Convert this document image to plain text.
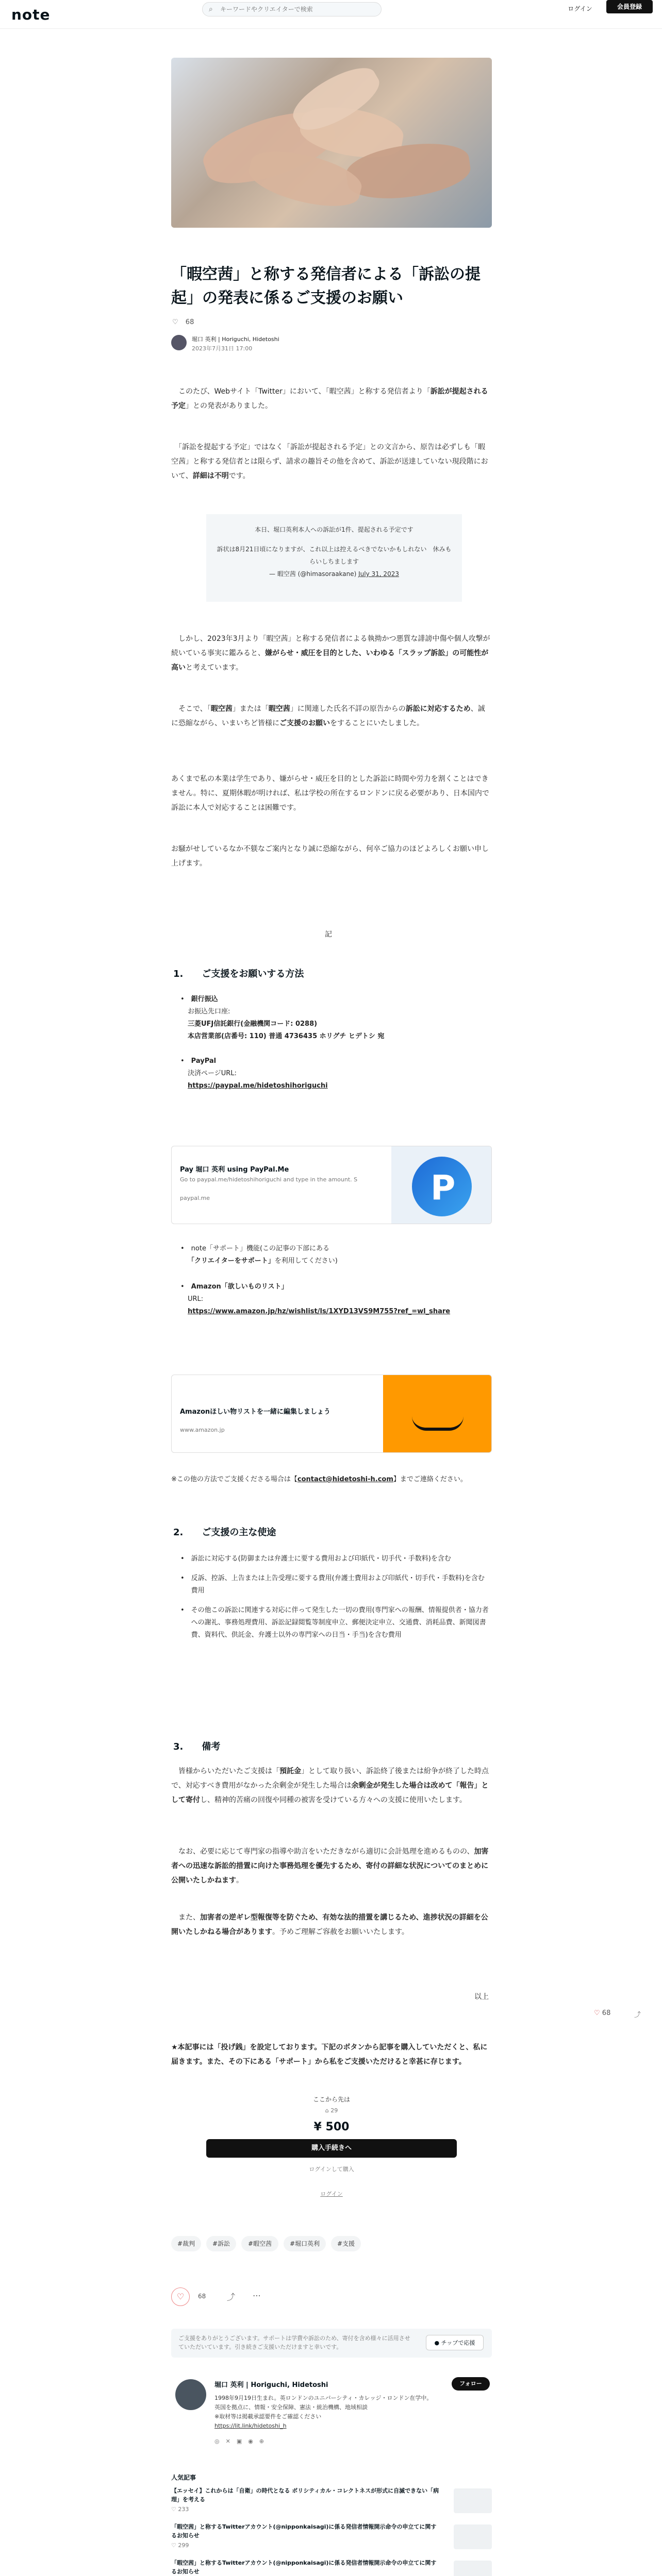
note	⌕
キーワードやクリエイターで検索	ログイン	会員登録
「暇空茜」と称する発信者による「訴訟の提起」の発表に係るご支援のお願い
♡ 68
堀口 英利 | Horiguchi, Hidetoshi
2023年7月31日 17:00
　このたび、Webサイト「Twitter」において、「暇空茜」と称する発信者より「訴訟が提起される予定」との発表がありました。
　「訴訟を提起する予定」ではなく「訴訟が提起される予定」との文言から、原告は必ずしも「暇空茜」と称する発信者とは限らず、請求の趣旨その他を含めて、訴訟が送達していない現段階において、詳細は不明です。
本日、堀口英利本人への訴訟が1件、提起される予定です
訴状は8月21日頃になりますが、これ以上は控えるべきでないかもしれない　休みもらいしちまします
— 暇空茜 (@himasoraakane) July 31, 2023
　しかし、2023年3月より「暇空茜」と称する発信者による執拗かつ悪質な誹謗中傷や個人攻撃が続いている事実に鑑みると、嫌がらせ・威圧を目的とした、いわゆる「スラップ訴訟」の可能性が高いと考えています。
　そこで、「暇空茜」または「暇空茜」に関連した氏名不詳の原告からの訴訟に対応するため、誠に恐縮ながら、いまいちど皆様にご支援のお願いをすることにいたしました。
あくまで私の本業は学生であり、嫌がらせ・威圧を目的とした訴訟に時間や労力を割くことはできません。特に、夏期休暇が明ければ、私は学校の所在するロンドンに戻る必要があり、日本国内で訴訟に本人で対応することは困難です。
お騒がせしているなか不躾なご案内となり誠に恐縮ながら、何卒ご協力のほどよろしくお願い申し上げます。
記
1.　　ご支援をお願いする方法
•　銀行振込
お振込先口座:
三菱UFJ信託銀行(金融機関コード: 0288)
本店営業部(店番号: 110) 普通 4736435 ホリグチ ヒデトシ 宛
•　PayPal
決済ページURL:
https://paypal.me/hidetoshihoriguchi
Pay 堀口 英利 using PayPal.Me
Go to paypal.me/hidetoshihoriguchi and type in the amount. S
paypal.me	P
•　note「サポート」機能(この記事の下部にある
「クリエイターをサポート」を利用してください)
•　Amazon「欲しいものリスト」
URL:
https://www.amazon.jp/hz/wishlist/ls/1XYD13VS9M755?ref_=wl_share
Amazonほしい物リストを一緒に編集しましょう
www.amazon.jp
※この他の方法でご支援くださる場合は【contact@hidetoshi-h.com】までご連絡ください。
2.　　ご支援の主な使途
•　 訴訟に対応する(防御または弁護士に要する費用および印紙代・切手代・手数料)を含む
•　 反訴、控訴、上告または上告受理に要する費用(弁護士費用および印紙代・切手代・手数料)を含む費用
•　 その他この訴訟に関連する対応に伴って発生した一切の費用(専門家への報酬、情報提供者・協力者への謝礼、事務処理費用、訴訟記録閲覧等制度申立、郵便決定申立、交通費、消耗品費、新聞図書費、資料代、供託金、弁護士以外の専門家への日当・手当)を含む費用
3.　　備考
　皆様からいただいたご支援は「預託金」として取り扱い、訴訟終了後または紛争が終了した時点で、対応すべき費用がなかった余剰金が発生した場合は余剰金が発生した場合は改めて「報告」として寄付し、精神的苦痛の回復や同種の被害を受けている方々への支援に使用いたします。
　なお、必要に応じて専門家の指導や助言をいただきながら適切に会計処理を進めるものの、加害者への迅速な訴訟的措置に向けた事務処理を優先するため、寄付の詳細な状況についてのまとめに公開いたしかねます。
　また、加害者の逆ギレ型報復等を防ぐため、有効な法的措置を講じるため、進捗状況の詳細を公開いたしかねる場合があります。予めご理解ご容赦をお願いいたします。
以上
♡ 68	⤴
★本記事には「投げ銭」を設定しております。下記のボタンから記事を購入していただくと、私に届きます。また、その下にある「サポート」から私をご支援いただけると幸甚に存じます。
ここから先は
⌂ 29
¥ 500
購入手続きへ
ログインして購入
ログイン
#裁判	#訴訟	#暇空茜	#堀口英利	#支援
♡	68	⤴ ⋯
ご支援をありがとうございます。サポートは学費や訴訟のため、寄付を含め様々に活用させていただいています。引き続きご支援いただけますと幸いです。
● チップで応援
堀口 英利 | Horiguchi, Hidetoshi	フォロー
1998年9月19日生まれ。英ロンドンのユニバーシティ・カレッジ・ロンドン在学中。
英国を拠点に、情報・安全保障、憲法・統治機構、地域相談
※取材等は掲載承認要件をご確認ください
https://lit.link/hidetoshi_h
◎✕▣◉⊕
人気記事
【エッセイ】これからは「自衛」の時代となる ボリシティカル・コレクトネスが形式に自滅できない「病理」を考える
♡ 233
「暇空茜」と称するTwitterアカウント(@nipponkaisagi)に係る発信者情報開示命令の申立てに関するお知らせ
♡ 299
「暇空茜」と称するTwitterアカウント(@nipponkaisagi)に係る発信者情報開示命令の申立てに関するお知らせ
